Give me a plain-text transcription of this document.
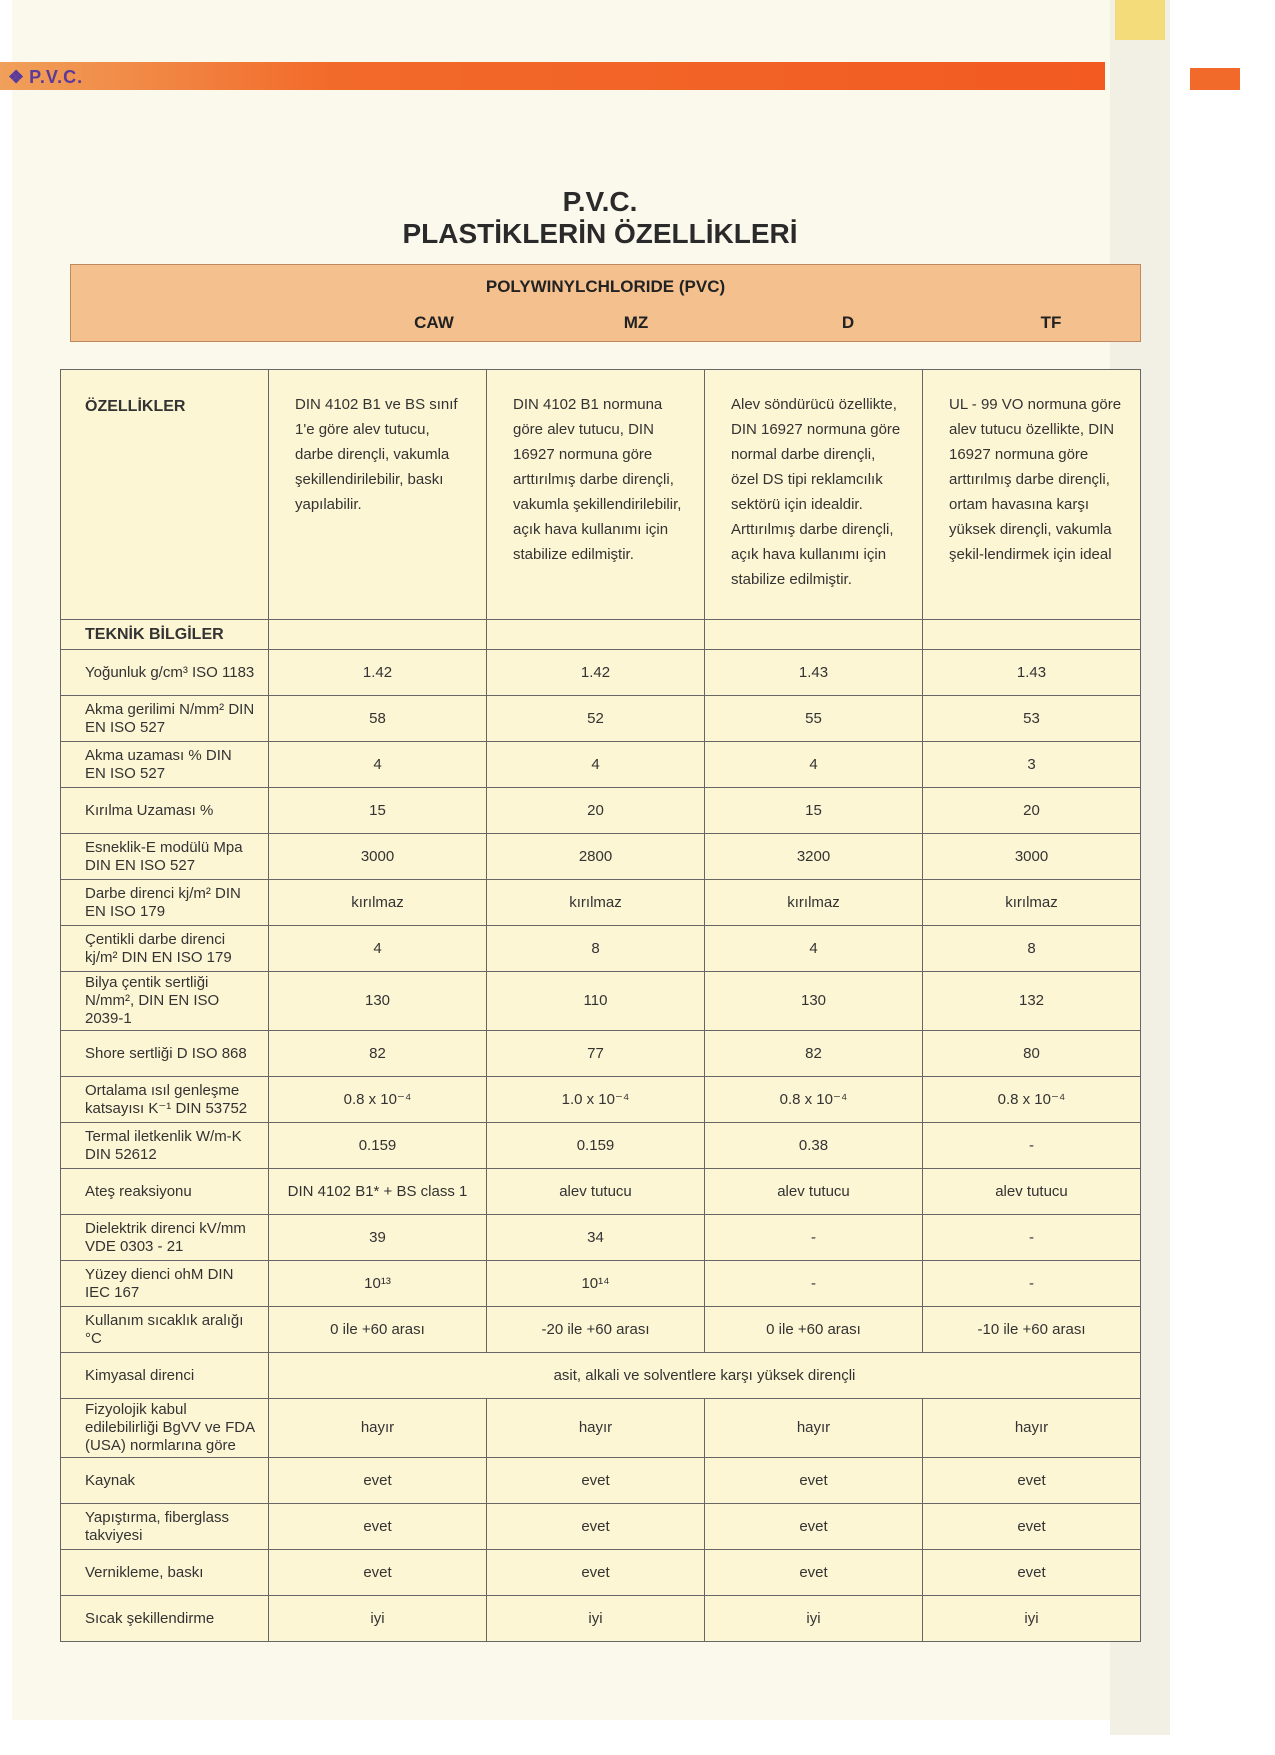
❖ P.V.C.
P.V.C.
PLASTİKLERİN ÖZELLİKLERİ
POLYWINYLCHLORIDE (PVC)
CAW	MZ	D	TF
ÖZELLİKLER	DIN 4102 B1 ve BS sınıf 1'e göre alev tutucu, darbe dirençli, vakumla şekillendirilebilir, baskı yapılabilir.	DIN 4102 B1 normuna göre alev tutucu, DIN 16927 normuna göre arttırılmış darbe dirençli, vakumla şekillendirilebilir, açık hava kullanımı için stabilize edilmiştir.	Alev söndürücü özellikte, DIN 16927 normuna göre normal darbe dirençli, özel DS tipi reklamcılık sektörü için idealdir. Arttırılmış darbe dirençli, açık hava kullanımı için stabilize edilmiştir.	UL - 99 VO normuna göre alev tutucu özellikte, DIN 16927 normuna göre arttırılmış darbe dirençli, ortam havasına karşı yüksek dirençli, vakumla şekil-lendirmek için ideal
TEKNİK BİLGİLER				
Yoğunluk g/cm³ ISO 1183	1.42	1.42	1.43	1.43
Akma gerilimi N/mm² DIN EN ISO 527	58	52	55	53
Akma uzaması % DIN EN ISO 527	4	4	4	3
Kırılma Uzaması %	15	20	15	20
Esneklik-E modülü Mpa DIN EN ISO 527	3000	2800	3200	3000
Darbe direnci kj/m² DIN EN ISO 179	kırılmaz	kırılmaz	kırılmaz	kırılmaz
Çentikli darbe direnci kj/m² DIN EN ISO 179	4	8	4	8
Bilya çentik sertliği N/mm², DIN EN ISO 2039-1	130	110	130	132
Shore sertliği D ISO 868	82	77	82	80
Ortalama ısıl genleşme katsayısı K⁻¹ DIN 53752	0.8 x 10⁻⁴	1.0 x 10⁻⁴	0.8 x 10⁻⁴	0.8 x 10⁻⁴
Termal iletkenlik W/m-K DIN 52612	0.159	0.159	0.38	-
Ateş reaksiyonu	DIN 4102 B1* + BS class 1	alev tutucu	alev tutucu	alev tutucu
Dielektrik direnci kV/mm VDE 0303 - 21	39	34	-	-
Yüzey dienci ohM DIN IEC 167	10¹³	10¹⁴	-	-
Kullanım sıcaklık aralığı °C	0 ile +60 arası	-20 ile +60 arası	0 ile +60 arası	-10 ile +60 arası
Kimyasal direnci	asit, alkali ve solventlere karşı yüksek dirençli			
Fizyolojik kabul edilebilirliği BgVV ve FDA (USA) normlarına göre	hayır	hayır	hayır	hayır
Kaynak	evet	evet	evet	evet
Yapıştırma, fiberglass takviyesi	evet	evet	evet	evet
Vernikleme, baskı	evet	evet	evet	evet
Sıcak şekillendirme	iyi	iyi	iyi	iyi
